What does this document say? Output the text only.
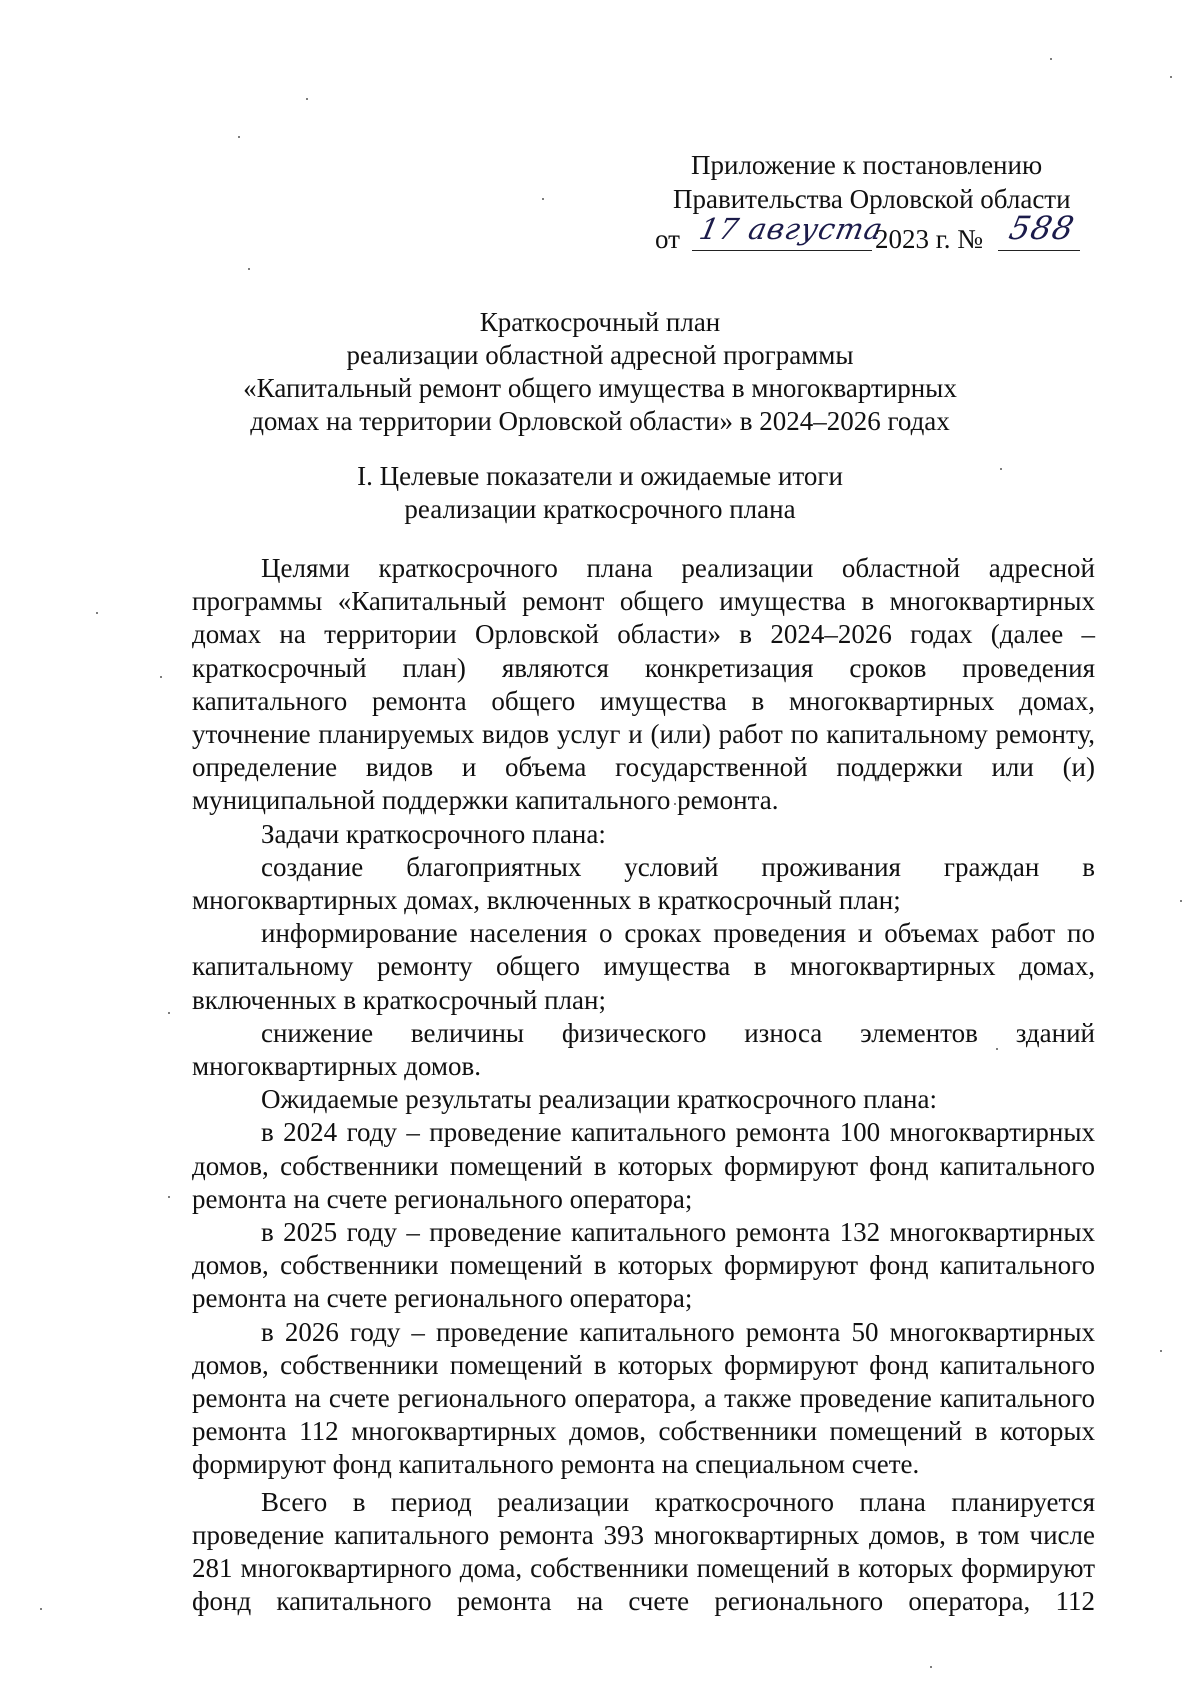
Приложение к постановлению
Правительства Орловской области
от 17 августа
2023 г. № 588
Краткосрочный план
реализации областной адресной программы
«Капитальный ремонт общего имущества в многоквартирных
домах на территории Орловской области» в 2024–2026 годах
I. Целевые показатели и ожидаемые итоги
реализации краткосрочного плана

Целями краткосрочного плана реализации областной адресной программы «Капитальный ремонт общего имущества в многоквартирных домах на территории Орловской области» в 2024–2026 годах (далее – краткосрочный план) являются конкретизация сроков проведения капитального ремонта общего имущества в многоквартирных домах, уточнение планируемых видов услуг и (или) работ по капитальному ремонту, определение видов и объема государственной поддержки или (и) муниципальной поддержки капитального ремонта.

Задачи краткосрочного плана:

создание благоприятных условий проживания граждан в многоквартирных домах, включенных в краткосрочный план;

информирование населения о сроках проведения и объемах работ по капитальному ремонту общего имущества в многоквартирных домах, включенных в краткосрочный план;

снижение величины физического износа элементов зданий многоквартирных домов.

Ожидаемые результаты реализации краткосрочного плана:

в 2024 году – проведение капитального ремонта 100 многоквартирных домов, собственники помещений в которых формируют фонд капитального ремонта на счете регионального оператора;

в 2025 году – проведение капитального ремонта 132 многоквартирных домов, собственники помещений в которых формируют фонд капитального ремонта на счете регионального оператора;

в 2026 году – проведение капитального ремонта 50 многоквартирных домов, собственники помещений в которых формируют фонд капитального ремонта на счете регионального оператора, а также проведение капитального ремонта 112 многоквартирных домов, собственники помещений в которых формируют фонд капитального ремонта на специальном счете.

Всего в период реализации краткосрочного плана планируется проведение капитального ремонта 393 многоквартирных домов, в том числе 281 многоквартирного дома, собственники помещений в которых формируют фонд капитального ремонта на счете регионального оператора, 112
